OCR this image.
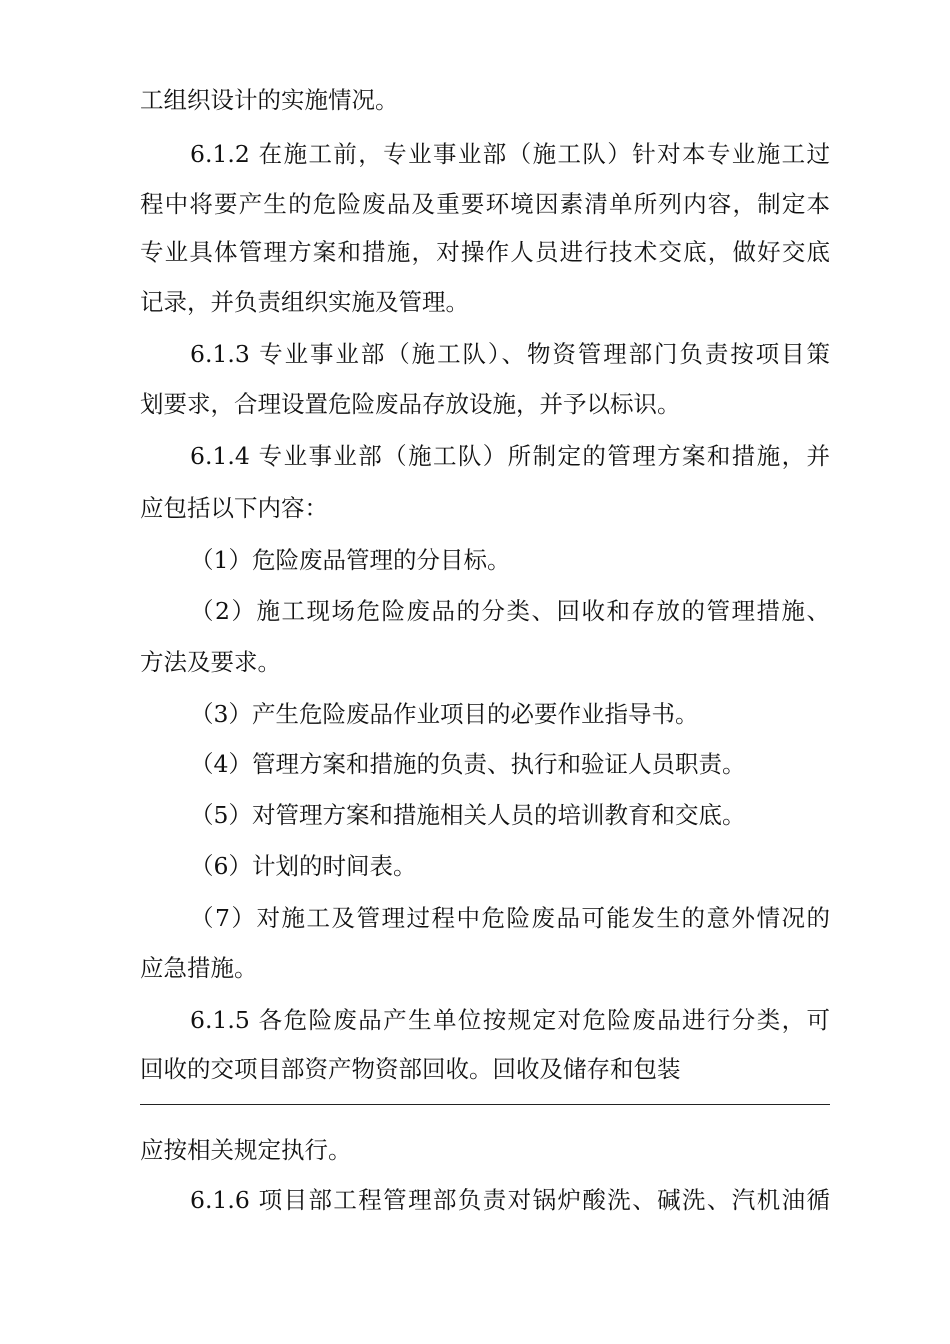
工组织设计的实施情况。
6.1.2 在施工前，专业事业部（施工队）针对本专业施工过
程中将要产生的危险废品及重要环境因素清单所列内容，制定本
专业具体管理方案和措施，对操作人员进行技术交底，做好交底
记录，并负责组织实施及管理。
6.1.3 专业事业部（施工队）、物资管理部门负责按项目策
划要求，合理设置危险废品存放设施，并予以标识。
6.1.4 专业事业部（施工队）所制定的管理方案和措施，并
应包括以下内容：
（1）危险废品管理的分目标。
（2）施工现场危险废品的分类、回收和存放的管理措施、
方法及要求。
（3）产生危险废品作业项目的必要作业指导书。
（4）管理方案和措施的负责、执行和验证人员职责。
（5）对管理方案和措施相关人员的培训教育和交底。
（6）计划的时间表。
（7）对施工及管理过程中危险废品可能发生的意外情况的
应急措施。
6.1.5 各危险废品产生单位按规定对危险废品进行分类，可
回收的交项目部资产物资部回收。回收及储存和包装
应按相关规定执行。
6.1.6 项目部工程管理部负责对锅炉酸洗、碱洗、汽机油循
